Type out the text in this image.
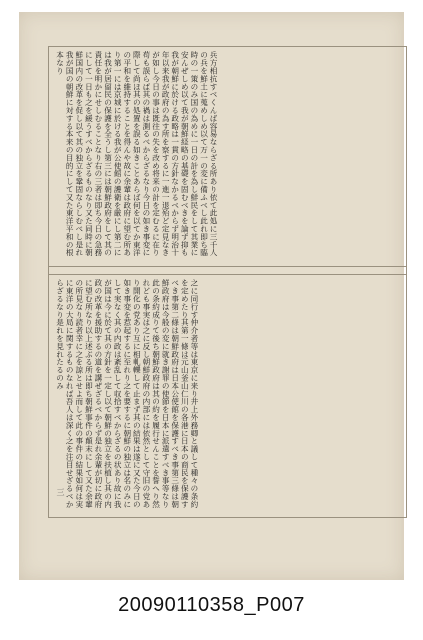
兵方相抗すべくんば容易ならざる所あり依て此処に三千人の兵を鮮土に蒐めしめ以て万一の変に備ふべし此れ即ち臨時の一策のみ国の為めに一日の計を為し鮮民をして其業に安んぜしめ以て我が朝鮮経略の基礎を固むべきを論ず抑も我が朝鮮に於ける政略は一貫の方針なかるべからず明治十年以来我が政府の為す所を察するに一進一退殆ど定見なきが如し今日の事は既往の失を改め将来の計を定むるに在り苟も誤らば其の禍は測るべからざるなり今日の如き事変に際して尚ほ其の処置を誤る如きことあらば何を以てか東洋の平和を維持することを得んや故に余輩は政府に望む所あり第一には京城に於ける我が公使館の護衛を厳にし第二には我が居留民の保護を全うし第三には朝鮮政府をして其の責任を明かにせしむることなり右の三者は即ち今日の急務にして一日も之を緩うすべからざるものなり又た同時に朝鮮国内の改革を促し以て其の独立を鞏固ならしむべし是れ我が国の朝鮮に対する本来の目的にして又た東洋平和の根本なり
之に同行す仲介者等は東京に来り井上外務卿と議して種々の条約を定めたり其第一條は元山釜山仁川の各港に日本の商民を保護すべき事第二條は朝鮮政府は日本公使館を保護すべき事第三條は朝鮮政府は今般の変に就き謝罪の使節を日本に派遣すべき事等なり此の条約成りて後ち朝鮮政府は其の約を履行せんことを誓へり然れども事実は之に反し朝鮮政府の内部には依然として守旧の党あり開化の党あり互に相軋轢して止まず其の結果は遂に又た今日の如き事変を惹起するに至れり之を要するに朝鮮の独立は名のみにして実なく其の内政は紊乱して収拾すべからざるの状あり故に我が国は今に於て其の方針を一定し以て朝鮮の独立を扶植し其の内政の改革を援助するの道を講ぜざるべからず是れ余輩が切に政府に望む所なり以上述ぶる所は即ち朝鮮事件の顛末にして又た余輩の所見なり読者幸に之を諒とせよ而して此の事件の結果如何は実に東洋の大局に関するものなれば吾人は深く之を注目せざるべからざるなり是れを見れたるのみ
三
20090110358_P007
